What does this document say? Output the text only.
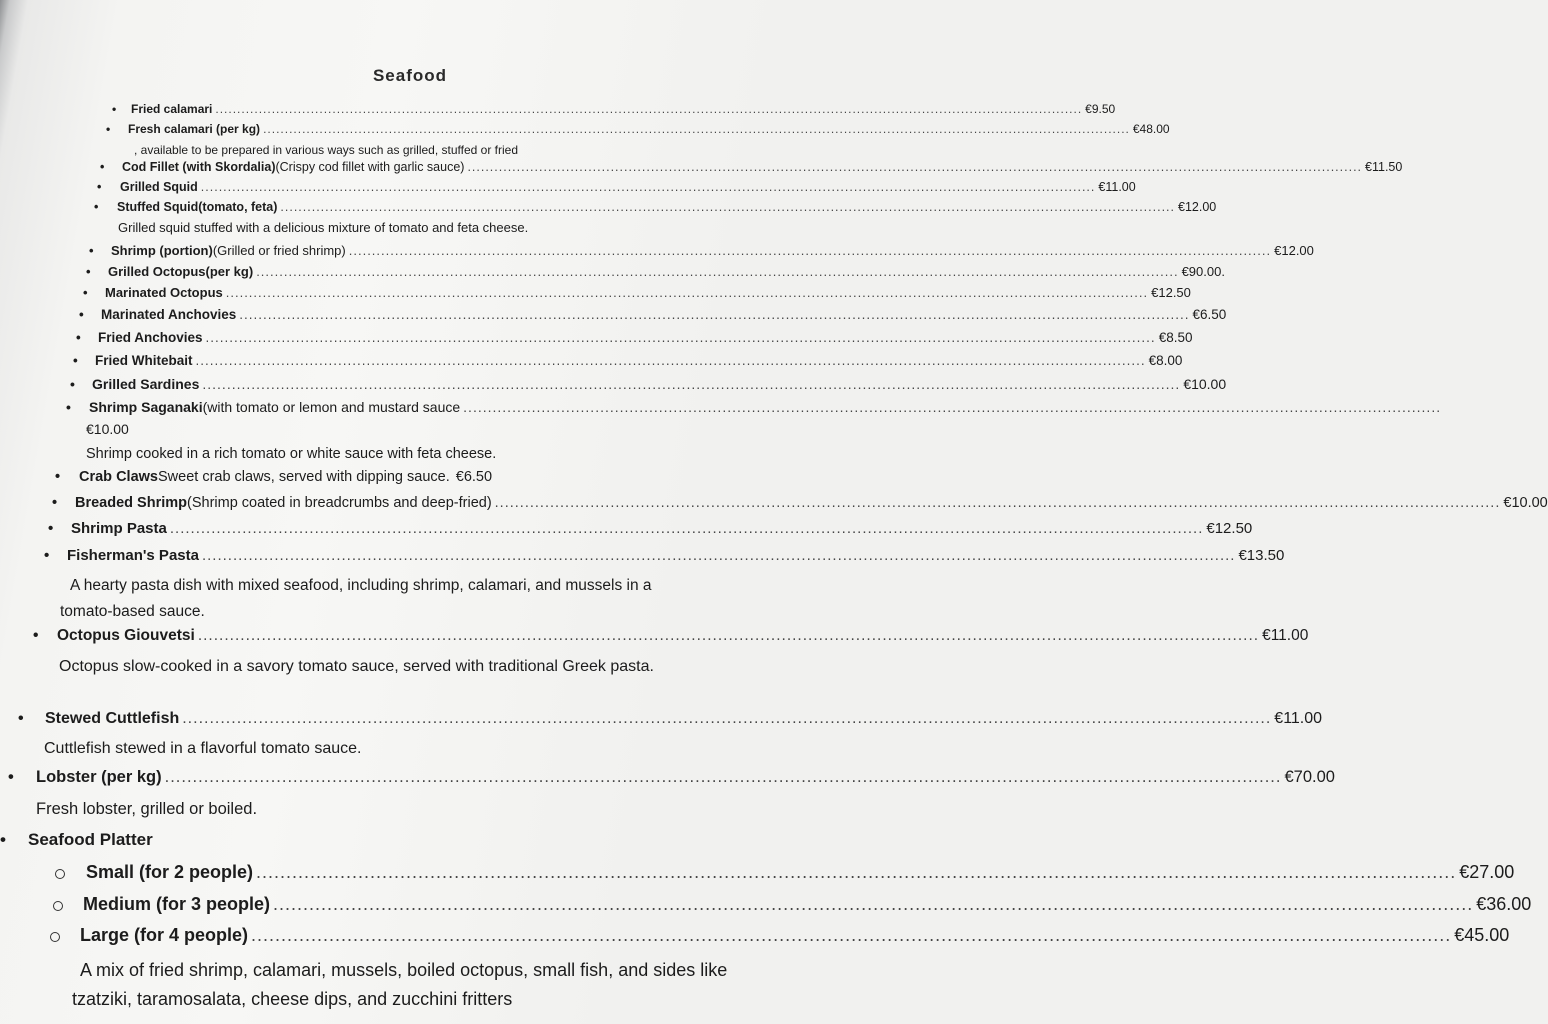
Seafood
• Fried calamari ........................................................................................................................................................................................................ €9.50
• Fresh calamari (per kg) ........................................................................................................................................................................................................ €48.00
, available to be prepared in various ways such as grilled, stuffed or fried
• Cod Fillet (with Skordalia) (Crispy cod fillet with garlic sauce) ........................................................................................................................................................................................................ €11.50
• Grilled Squid ........................................................................................................................................................................................................ €11.00
• Stuffed Squid(tomato, feta) ........................................................................................................................................................................................................ €12.00
Grilled squid stuffed with a delicious mixture of tomato and feta cheese.
• Shrimp (portion) (Grilled or fried shrimp) ........................................................................................................................................................................................................ €12.00
• Grilled Octopus(per kg) ........................................................................................................................................................................................................ €90.00.
• Marinated Octopus ........................................................................................................................................................................................................ €12.50
• Marinated Anchovies ........................................................................................................................................................................................................ €6.50
• Fried Anchovies ........................................................................................................................................................................................................ €8.50
• Fried Whitebait ........................................................................................................................................................................................................ €8.00
• Grilled Sardines ........................................................................................................................................................................................................ €10.00
• Shrimp Saganaki (with tomato or lemon and mustard sauce ........................................................................................................................................................................................................
€10.00
Shrimp cooked in a rich tomato or white sauce with feta cheese.
• Crab Claws Sweet crab claws, served with dipping sauce. €6.50
• Breaded Shrimp (Shrimp coated in breadcrumbs and deep-fried) ........................................................................................................................................................................................................ €10.00
• Shrimp Pasta ........................................................................................................................................................................................................ €12.50
• Fisherman's Pasta ........................................................................................................................................................................................................ €13.50
A hearty pasta dish with mixed seafood, including shrimp, calamari, and mussels in a tomato-based sauce.
• Octopus Giouvetsi ........................................................................................................................................................................................................ €11.00
Octopus slow-cooked in a savory tomato sauce, served with traditional Greek pasta.
• Stewed Cuttlefish ........................................................................................................................................................................................................ €11.00
Cuttlefish stewed in a flavorful tomato sauce.
• Lobster (per kg) ........................................................................................................................................................................................................ €70.00
Fresh lobster, grilled or boiled.
• Seafood Platter
Small (for 2 people) ........................................................................................................................................................................................................ €27.00
Medium (for 3 people) ........................................................................................................................................................................................................ €36.00
Large (for 4 people) ........................................................................................................................................................................................................ €45.00
A mix of fried shrimp, calamari, mussels, boiled octopus, small fish, and sides like tzatziki, taramosalata, cheese dips, and zucchini fritters
